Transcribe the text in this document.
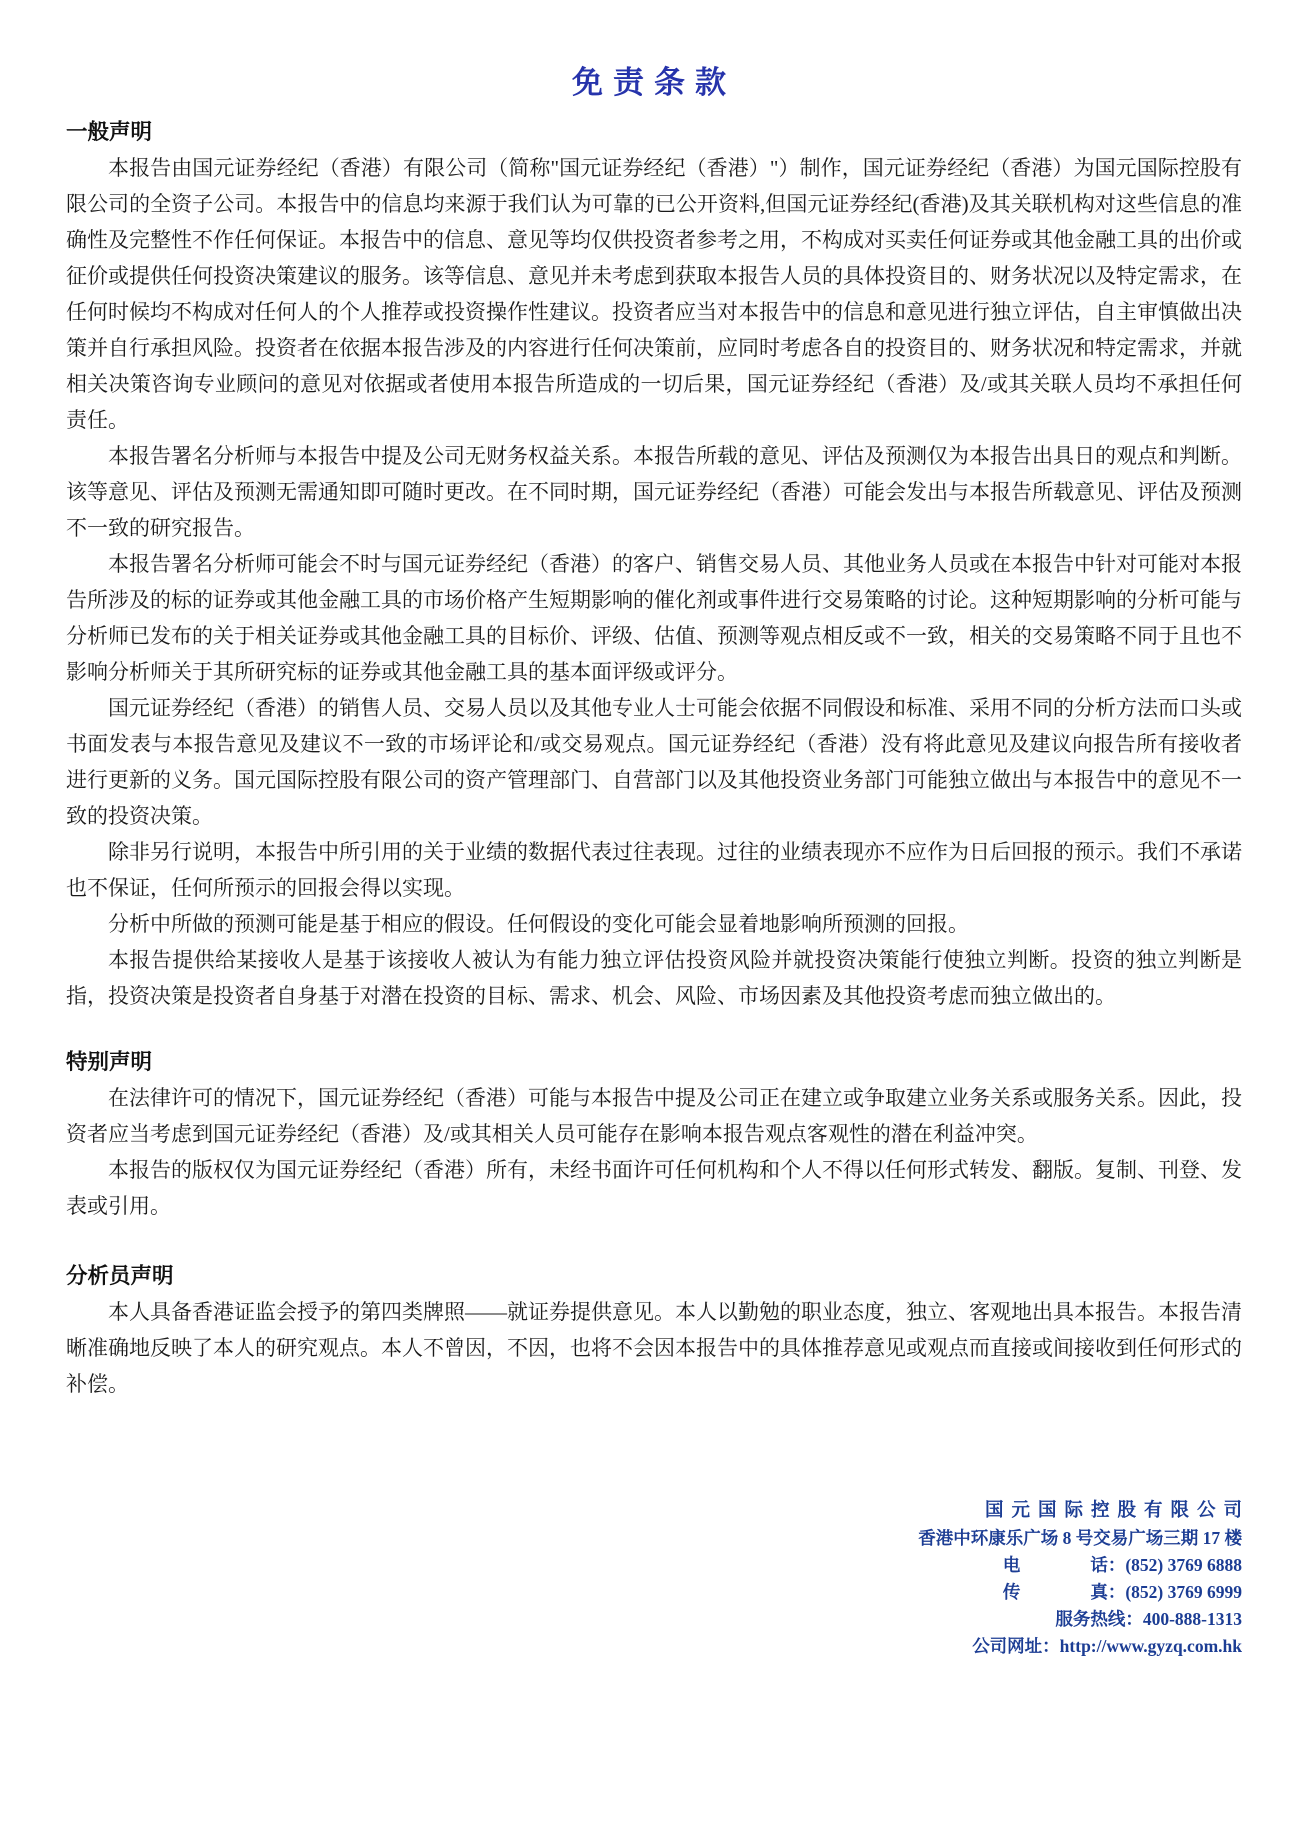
免责条款
一般声明

本报告由国元证券经纪（香港）有限公司（简称"国元证券经纪（香港）"）制作，国元证券经纪（香港）为国元国际控股有限公司的全资子公司。本报告中的信息均来源于我们认为可靠的已公开资料,但国元证券经纪(香港)及其关联机构对这些信息的准确性及完整性不作任何保证。本报告中的信息、意见等均仅供投资者参考之用，不构成对买卖任何证券或其他金融工具的出价或征价或提供任何投资决策建议的服务。该等信息、意见并未考虑到获取本报告人员的具体投资目的、财务状况以及特定需求，在任何时候均不构成对任何人的个人推荐或投资操作性建议。投资者应当对本报告中的信息和意见进行独立评估，自主审慎做出决策并自行承担风险。投资者在依据本报告涉及的内容进行任何决策前，应同时考虑各自的投资目的、财务状况和特定需求，并就相关决策咨询专业顾问的意见对依据或者使用本报告所造成的一切后果，国元证券经纪（香港）及/或其关联人员均不承担任何责任。

本报告署名分析师与本报告中提及公司无财务权益关系。本报告所载的意见、评估及预测仅为本报告出具日的观点和判断。该等意见、评估及预测无需通知即可随时更改。在不同时期，国元证券经纪（香港）可能会发出与本报告所载意见、评估及预测不一致的研究报告。

本报告署名分析师可能会不时与国元证券经纪（香港）的客户、销售交易人员、其他业务人员或在本报告中针对可能对本报告所涉及的标的证券或其他金融工具的市场价格产生短期影响的催化剂或事件进行交易策略的讨论。这种短期影响的分析可能与分析师已发布的关于相关证券或其他金融工具的目标价、评级、估值、预测等观点相反或不一致，相关的交易策略不同于且也不影响分析师关于其所研究标的证券或其他金融工具的基本面评级或评分。

国元证券经纪（香港）的销售人员、交易人员以及其他专业人士可能会依据不同假设和标准、采用不同的分析方法而口头或书面发表与本报告意见及建议不一致的市场评论和/或交易观点。国元证券经纪（香港）没有将此意见及建议向报告所有接收者进行更新的义务。国元国际控股有限公司的资产管理部门、自营部门以及其他投资业务部门可能独立做出与本报告中的意见不一致的投资决策。

除非另行说明，本报告中所引用的关于业绩的数据代表过往表现。过往的业绩表现亦不应作为日后回报的预示。我们不承诺也不保证，任何所预示的回报会得以实现。

分析中所做的预测可能是基于相应的假设。任何假设的变化可能会显着地影响所预测的回报。

本报告提供给某接收人是基于该接收人被认为有能力独立评估投资风险并就投资决策能行使独立判断。投资的独立判断是指，投资决策是投资者自身基于对潜在投资的目标、需求、机会、风险、市场因素及其他投资考虑而独立做出的。

特别声明

在法律许可的情况下，国元证券经纪（香港）可能与本报告中提及公司正在建立或争取建立业务关系或服务关系。因此，投资者应当考虑到国元证券经纪（香港）及/或其相关人员可能存在影响本报告观点客观性的潜在利益冲突。

本报告的版权仅为国元证券经纪（香港）所有，未经书面许可任何机构和个人不得以任何形式转发、翻版。复制、刊登、发表或引用。

分析员声明

本人具备香港证监会授予的第四类牌照——就证券提供意见。本人以勤勉的职业态度，独立、客观地出具本报告。本报告清晰准确地反映了本人的研究观点。本人不曾因，不因，也将不会因本报告中的具体推荐意见或观点而直接或间接收到任何形式的补偿。

国元国际控股有限公司
香港中环康乐广场 8 号交易广场三期 17 楼
电　　　　话：(852) 3769 6888
传　　　　真：(852) 3769 6999
服务热线：400-888-1313
公司网址：http://www.gyzq.com.hk
